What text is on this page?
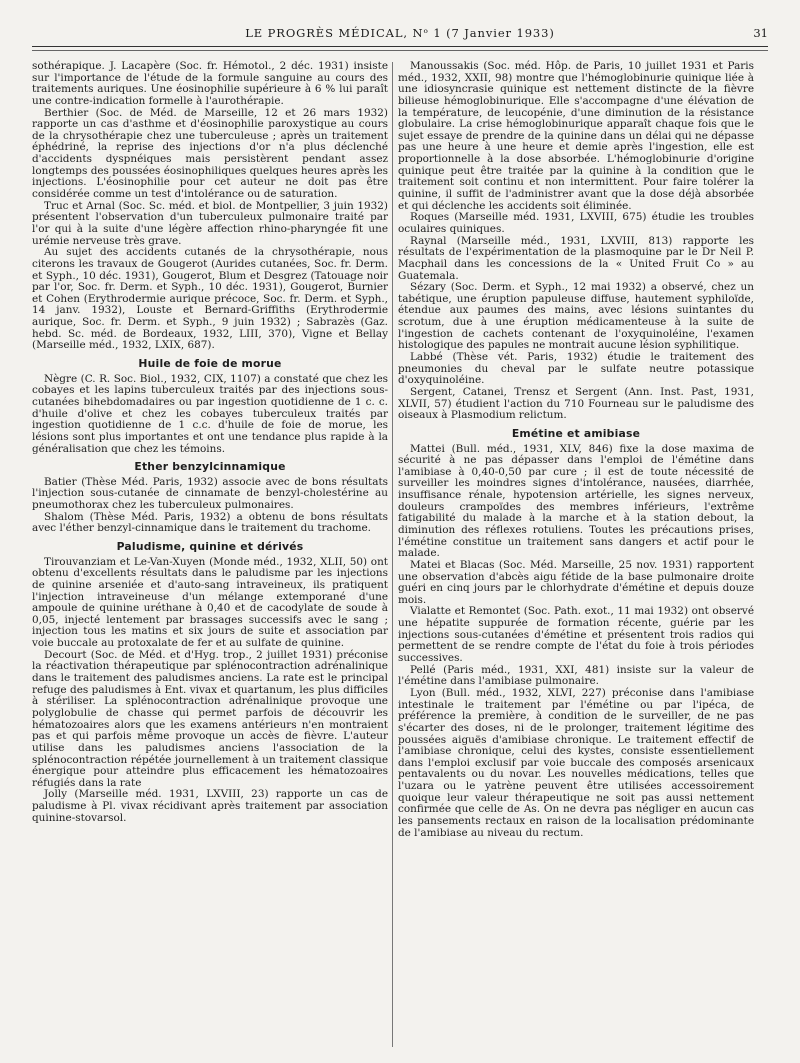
LE PROGRÈS MÉDICAL, Nᵒ 1 (7 Janvier 1933)	31

sothérapique. J. Lacapère (Soc. fr. Hémotol., 2 déc. 1931) insiste sur l'importance de l'étude de la formule sanguine au cours des traitements auriques. Une éosinophilie supérieure à 6 % lui paraît une contre-indication formelle à l'aurothérapie.

Berthier (Soc. de Méd. de Marseille, 12 et 26 mars 1932) rapporte un cas d'asthme et d'éosinophilie paroxystique au cours de la chrysothérapie chez une tuberculeuse ; après un traitement éphédriné, la reprise des injections d'or n'a plus déclenché d'accidents dyspnéiques mais persistèrent pendant assez longtemps des poussées éosinophiliques quelques heures après les injections. L'éosinophilie pour cet auteur ne doit pas être considérée comme un test d'intolérance ou de saturation.

Truc et Arnal (Soc. Sc. méd. et biol. de Montpellier, 3 juin 1932) présentent l'observation d'un tuberculeux pulmonaire traité par l'or qui à la suite d'une légère affection rhino-pharyngée fit une urémie nerveuse très grave.

Au sujet des accidents cutanés de la chrysothérapie, nous citerons les travaux de Gougerot (Aurides cutanées, Soc. fr. Derm. et Syph., 10 déc. 1931), Gougerot, Blum et Desgrez (Tatouage noir par l'or, Soc. fr. Derm. et Syph., 10 déc. 1931), Gougerot, Burnier et Cohen (Erythrodermie aurique précoce, Soc. fr. Derm. et Syph., 14 janv. 1932), Louste et Bernard-Griffiths (Erythrodermie aurique, Soc. fr. Derm. et Syph., 9 juin 1932) ; Sabrazès (Gaz. hebd. Sc. méd. de Bordeaux, 1932, LIII, 370), Vigne et Bellay (Marseille méd., 1932, LXIX, 687).

Huile de foie de morue

Nègre (C. R. Soc. Biol., 1932, CIX, 1107) a constaté que chez les cobayes et les lapins tuberculeux traités par des injections sous-cutanées bihebdomadaires ou par ingestion quotidienne de 1 c. c. d'huile d'olive et chez les cobayes tuberculeux traités par ingestion quotidienne de 1 c.c. d'huile de foie de morue, les lésions sont plus importantes et ont une tendance plus rapide à la généralisation que chez les témoins.

Ether benzylcinnamique

Batier (Thèse Méd. Paris, 1932) associe avec de bons résultats l'injection sous-cutanée de cinnamate de benzyl-cholestérine au pneumothorax chez les tuberculeux pulmonaires.

Shalom (Thèse Méd. Paris, 1932) a obtenu de bons résultats avec l'éther benzyl-cinnamique dans le traitement du trachome.

Paludisme, quinine et dérivés

Tirouvanziam et Le-Van-Xuyen (Monde méd., 1932, XLII, 50) ont obtenu d'excellents résultats dans le paludisme par les injections de quinine arseniée et d'auto-sang intraveineux, ils pratiquent l'injection intraveineuse d'un mélange extemporané d'une ampoule de quinine uréthane à 0,40 et de cacodylate de soude à 0,05, injecté lentement par brassages successifs avec le sang ; injection tous les matins et six jours de suite et association par voie buccale au protoxalate de fer et au sulfate de quinine.

Decourt (Soc. de Méd. et d'Hyg. trop., 2 juillet 1931) préconise la réactivation thérapeutique par splénocontraction adrénalinique dans le traitement des paludismes anciens. La rate est le principal refuge des paludismes à Ent. vivax et quartanum, les plus difficiles à stériliser. La splénocontraction adrénalinique provoque une polyglobulie de chasse qui permet parfois de découvrir les hématozoaires alors que les examens antérieurs n'en montraient pas et qui parfois même provoque un accès de fièvre. L'auteur utilise dans les paludismes anciens l'association de la splénocontraction répétée journellement à un traitement classique énergique pour atteindre plus efficacement les hématozoaires réfugiés dans la rate

Jolly (Marseille méd. 1931, LXVIII, 23) rapporte un cas de paludisme à Pl. vivax récidivant après traitement par association quinine-stovarsol.

Manoussakis (Soc. méd. Hôp. de Paris, 10 juillet 1931 et Paris méd., 1932, XXII, 98) montre que l'hémoglobinurie quinique liée à une idiosyncrasie quinique est nettement distincte de la fièvre bilieuse hémoglobinurique. Elle s'accompagne d'une élévation de la température, de leucopénie, d'une diminution de la résistance globulaire. La crise hémoglobinurique apparaît chaque fois que le sujet essaye de prendre de la quinine dans un délai qui ne dépasse pas une heure à une heure et demie après l'ingestion, elle est proportionnelle à la dose absorbée. L'hémoglobinurie d'origine quinique peut être traitée par la quinine à la condition que le traitement soit continu et non intermittent. Pour faire tolérer la quinine, il suffit de l'administrer avant que la dose déjà absorbée et qui déclenche les accidents soit éliminée.

Roques (Marseille méd. 1931, LXVIII, 675) étudie les troubles oculaires quiniques.

Raynal (Marseille méd., 1931, LXVIII, 813) rapporte les résultats de l'expérimentation de la plasmoquine par le Dr Neil P. Macphail dans les concessions de la « United Fruit Co » au Guatemala.

Sézary (Soc. Derm. et Syph., 12 mai 1932) a observé, chez un tabétique, une éruption papuleuse diffuse, hautement syphiloïde, étendue aux paumes des mains, avec lésions suintantes du scrotum, due à une éruption médicamenteuse à la suite de l'ingestion de cachets contenant de l'oxyquinoléine, l'examen histologique des papules ne montrait aucune lésion syphilitique.

Labbé (Thèse vét. Paris, 1932) étudie le traitement des pneumonies du cheval par le sulfate neutre potassique d'oxyquinoléine.

Sergent, Catanei, Trensz et Sergent (Ann. Inst. Past, 1931, XLVII, 57) étudient l'action du 710 Fourneau sur le paludisme des oiseaux à Plasmodium relictum.

Emétine et amibiase

Mattei (Bull. méd., 1931, XLV, 846) fixe la dose maxima de sécurité à ne pas dépasser dans l'emploi de l'émétine dans l'amibiase à 0,40-0,50 par cure ; il est de toute nécessité de surveiller les moindres signes d'intolérance, nausées, diarrhée, insuffisance rénale, hypotension artérielle, les signes nerveux, douleurs crampoïdes des membres inférieurs, l'extrême fatigabilité du malade à la marche et à la station debout, la diminution des réflexes rotuliens. Toutes les précautions prises, l'émétine constitue un traitement sans dangers et actif pour le malade.

Matei et Blacas (Soc. Méd. Marseille, 25 nov. 1931) rapportent une observation d'abcès aigu fétide de la base pulmonaire droite guéri en cinq jours par le chlorhydrate d'émétine et depuis douze mois.

Vialatte et Remontet (Soc. Path. exot., 11 mai 1932) ont observé une hépatite suppurée de formation récente, guérie par les injections sous-cutanées d'émétine et présentent trois radios qui permettent de se rendre compte de l'état du foie à trois périodes successives.

Pellé (Paris méd., 1931, XXI, 481) insiste sur la valeur de l'émétine dans l'amibiase pulmonaire.

Lyon (Bull. méd., 1932, XLVI, 227) préconise dans l'amibiase intestinale le traitement par l'émétine ou par l'ipéca, de préférence la première, à condition de le surveiller, de ne pas s'écarter des doses, ni de le prolonger, traitement légitime des poussées aiguës d'amibiase chronique. Le traitement effectif de l'amibiase chronique, celui des kystes, consiste essentiellement dans l'emploi exclusif par voie buccale des composés arsenicaux pentavalents ou du novar. Les nouvelles médications, telles que l'uzara ou le yatrène peuvent être utilisées accessoirement quoique leur valeur thérapeutique ne soit pas aussi nettement confirmée que celle de As. On ne devra pas négliger en aucun cas les pansements rectaux en raison de la localisation prédominante de l'amibiase au niveau du rectum.
